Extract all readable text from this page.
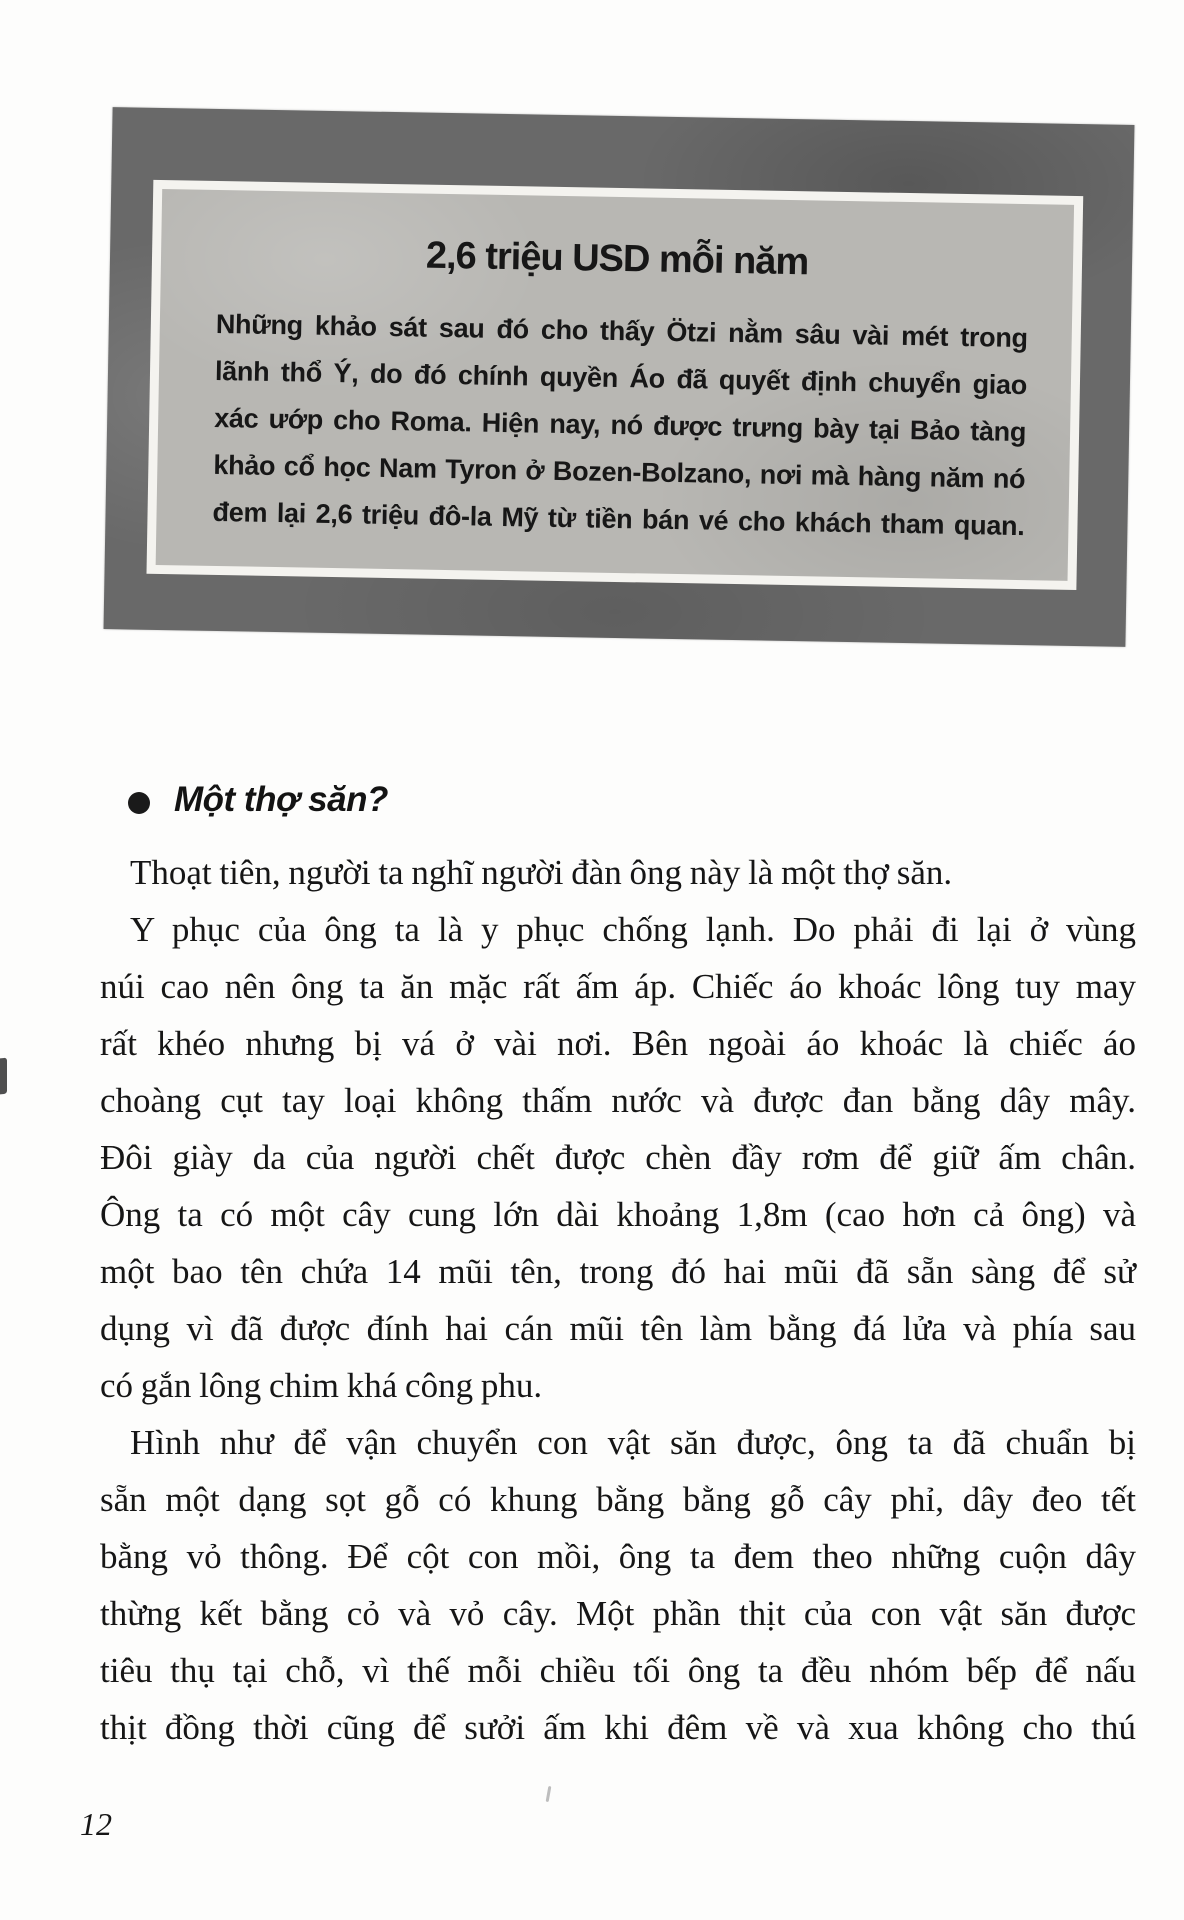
2,6 triệu USD mỗi năm
Những khảo sát sau đó cho thấy Ötzi nằm sâu vài mét trong
lãnh thổ Ý, do đó chính quyền Áo đã quyết định chuyển giao
xác ướp cho Roma. Hiện nay, nó được trưng bày tại Bảo tàng
khảo cổ học Nam Tyron ở Bozen-Bolzano, nơi mà hàng năm nó
đem lại 2,6 triệu đô-la Mỹ từ tiền bán vé cho khách tham quan.
Một thợ săn?
Thoạt tiên, người ta nghĩ người đàn ông này là một thợ săn.
Y phục của ông ta là y phục chống lạnh. Do phải đi lại ở vùng
núi cao nên ông ta ăn mặc rất ấm áp. Chiếc áo khoác lông tuy may
rất khéo nhưng bị vá ở vài nơi. Bên ngoài áo khoác là chiếc áo
choàng cụt tay loại không thấm nước và được đan bằng dây mây.
Đôi giày da của người chết được chèn đầy rơm để giữ ấm chân.
Ông ta có một cây cung lớn dài khoảng 1,8m (cao hơn cả ông) và
một bao tên chứa 14 mũi tên, trong đó hai mũi đã sẵn sàng để sử
dụng vì đã được đính hai cán mũi tên làm bằng đá lửa và phía sau
có gắn lông chim khá công phu.
Hình như để vận chuyển con vật săn được, ông ta đã chuẩn bị
sẵn một dạng sọt gỗ có khung bằng bằng gỗ cây phỉ, dây đeo tết
bằng vỏ thông. Để cột con mồi, ông ta đem theo những cuộn dây
thừng kết bằng cỏ và vỏ cây. Một phần thịt của con vật săn được
tiêu thụ tại chỗ, vì thế mỗi chiều tối ông ta đều nhóm bếp để nấu
thịt đồng thời cũng để sưởi ấm khi đêm về và xua không cho thú
12
